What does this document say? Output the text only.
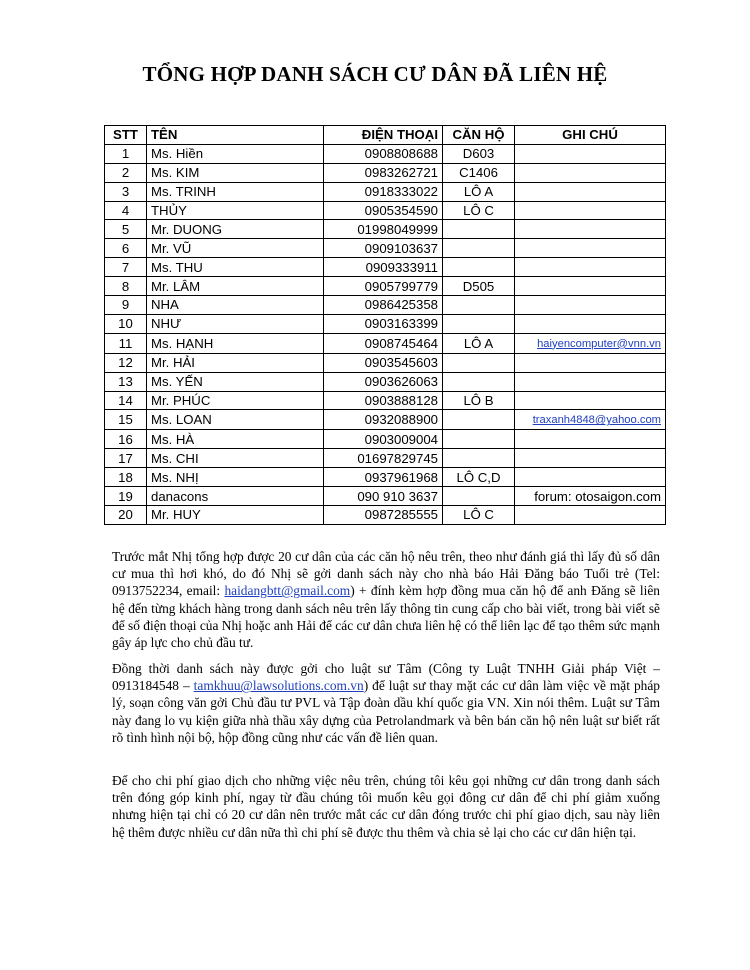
TỔNG HỢP DANH SÁCH CƯ DÂN ĐÃ LIÊN HỆ
STT	TÊN	ĐIỆN THOẠI	CĂN HỘ	GHI CHÚ
1	Ms. Hiền	0908808688	D603	
2	Ms. KIM	0983262721	C1406	
3	Ms. TRINH	0918333022	LÔ A	
4	THỦY	0905354590	LÔ C	
5	Mr. DUONG	01998049999		
6	Mr. VŨ	0909103637		
7	Ms. THU	0909333911		
8	Mr. LÂM	0905799779	D505	
9	NHA	0986425358		
10	NHƯ	0903163399		
11	Ms. HẠNH	0908745464	LÔ A	haiyencomputer@vnn.vn
12	Mr. HẢI	0903545603		
13	Ms. YẾN	0903626063		
14	Mr. PHÚC	0903888128	LÔ B	
15	Ms. LOAN	0932088900		traxanh4848@yahoo.com
16	Ms. HÀ	0903009004		
17	Ms. CHI	01697829745		
18	Ms. NHỊ	0937961968	LÔ C,D	
19	danacons	090 910 3637		forum: otosaigon.com
20	Mr. HUY	0987285555	LÔ C	
Trước mắt Nhị tổng hợp được 20 cư dân của các căn hộ nêu trên, theo như đánh giá thì lấy đủ số dân cư mua thì hơi khó, do đó Nhị sẽ gởi danh sách này cho nhà báo Hải Đăng báo Tuổi trẻ (Tel: 0913752234, email: haidangbtt@gmail.com) + đính kèm hợp đồng mua căn hộ để anh Đăng sẽ liên hệ đến từng khách hàng trong danh sách nêu trên lấy thông tin cung cấp cho bài viết, trong bài viết sẽ để số điện thoại của Nhị hoặc anh Hải để các cư dân chưa liên hệ có thể liên lạc để tạo thêm sức mạnh gây áp lực cho chủ đầu tư.
Đồng thời danh sách này được gởi cho luật sư Tâm (Công ty Luật TNHH Giải pháp Việt – 0913184548 – tamkhuu@lawsolutions.com.vn) để luật sư thay mặt các cư dân làm việc về mặt pháp lý, soạn công văn gởi Chủ đầu tư PVL và Tập đoàn dầu khí quốc gia VN. Xin nói thêm. Luật sư Tâm này đang lo vụ kiện giữa nhà thầu xây dựng của Petrolandmark và bên bán căn hộ nên luật sư biết rất rõ tình hình nội bộ, hộp đồng cũng như các vấn đề liên quan.
Để cho chi phí giao dịch cho những việc nêu trên, chúng tôi kêu gọi những cư dân trong danh sách trên đóng góp kinh phí, ngay từ đầu chúng tôi muốn kêu gọi đông cư dân để chi phí giảm xuống nhưng hiện tại chỉ có 20 cư dân nên trước mắt các cư dân đóng trước chi phí giao dịch, sau này liên hệ thêm được nhiều cư dân nữa thì chi phí sẽ được thu thêm và chia sẻ lại cho các cư dân hiện tại.
